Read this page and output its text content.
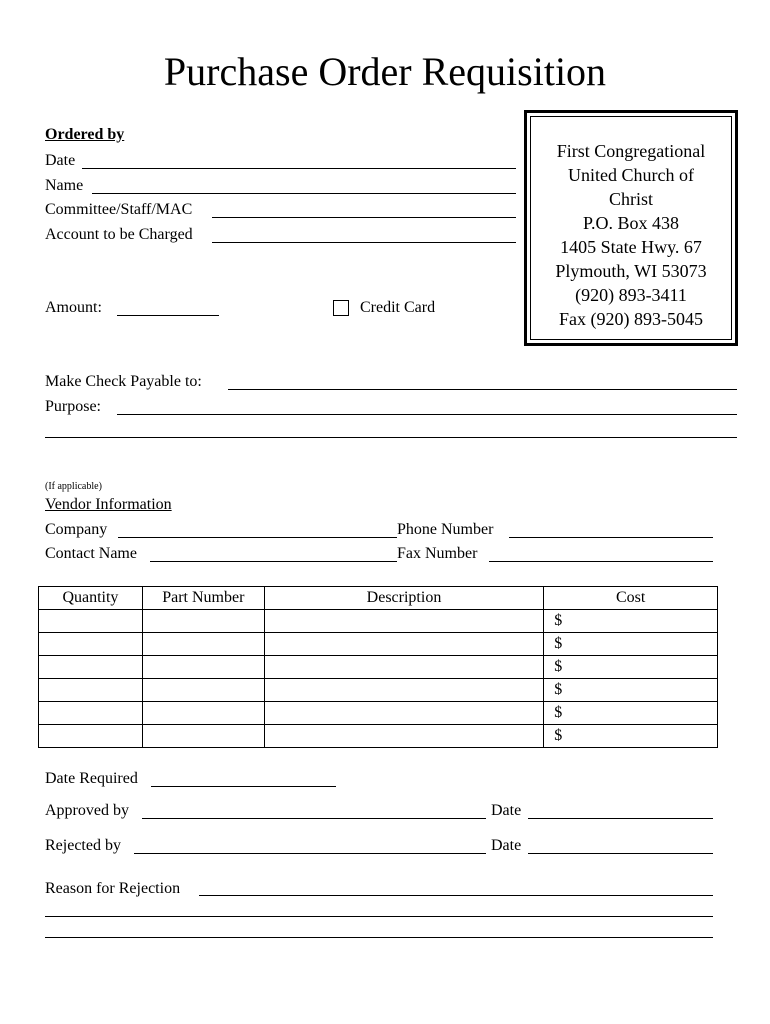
Purchase Order Requisition
Ordered by
Date
Name
Committee/Staff/MAC
Account to be Charged
First Congregational
United Church of
Christ
P.O. Box 438
1405 State Hwy. 67
Plymouth, WI 53073
(920) 893-3411
Fax (920) 893-5045
Amount:	Credit Card
Make Check Payable to:
Purpose:
(If applicable)
Vendor Information
Company	Phone Number
Contact Name	Fax Number
Quantity	Part Number	Description	Cost
			$
			$
			$
			$
			$
			$
Date Required
Approved by	Date
Rejected by	Date
Reason for Rejection
